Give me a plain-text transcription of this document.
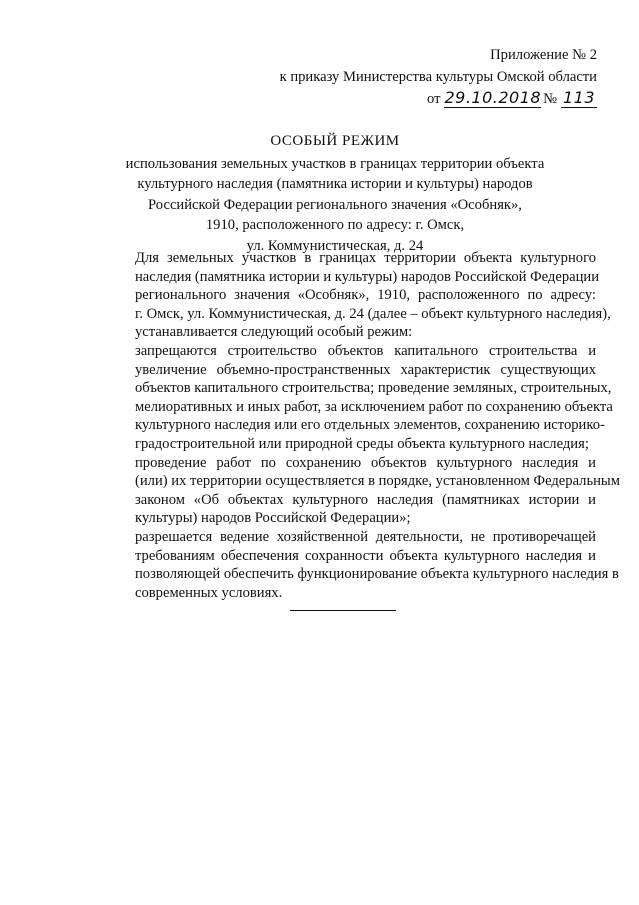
Приложение № 2
к приказу Министерства культуры Омской области
от 29.10.2018 № 113
ОСОБЫЙ РЕЖИМ
использования земельных участков в границах территории объекта
культурного наследия (памятника истории и культуры) народов
Российской Федерации регионального значения «Особняк»,
1910, расположенного по адресу: г. Омск,
ул. Коммунистическая, д. 24
Для земельных участков в границах территории объекта культурного
наследия (памятника истории и культуры) народов Российской Федерации
регионального значения «Особняк», 1910, расположенного по адресу:
г. Омск, ул. Коммунистическая, д. 24 (далее – объект культурного наследия),
устанавливается следующий особый режим:
запрещаются строительство объектов капитального строительства и
увеличение объемно-пространственных характеристик существующих
объектов капитального строительства; проведение земляных, строительных,
мелиоративных и иных работ, за исключением работ по сохранению объекта
культурного наследия или его отдельных элементов, сохранению историко-
градостроительной или природной среды объекта культурного наследия;
проведение работ по сохранению объектов культурного наследия и
(или) их территории осуществляется в порядке, установленном Федеральным
законом «Об объектах культурного наследия (памятниках истории и
культуры) народов Российской Федерации»;
разрешается ведение хозяйственной деятельности, не противоречащей
требованиям обеспечения сохранности объекта культурного наследия и
позволяющей обеспечить функционирование объекта культурного наследия в
современных условиях.
